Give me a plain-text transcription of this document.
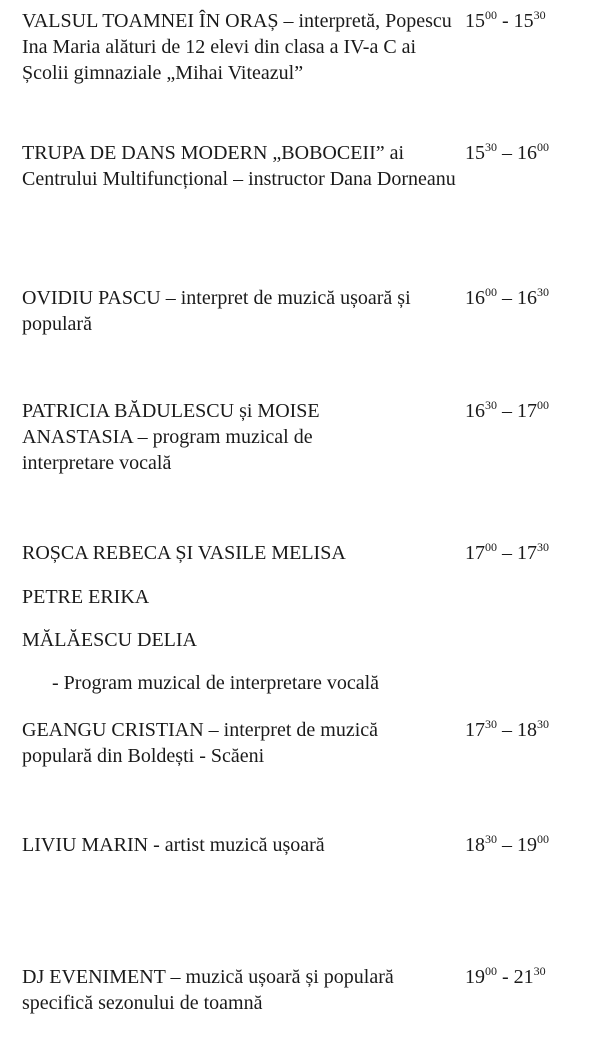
VALSUL TOAMNEI ÎN ORAȘ – interpretă, Popescu Ina Maria alături de 12 elevi din clasa a IV-a C ai Școlii gimnaziale „Mihai Viteazul”

$15^{00} - 15^{30}$

TRUPA DE DANS MODERN „BOBOCEII” ai Centrului Multifuncțional – instructor Dana Dorneanu

$15^{30} - 16^{00}$

OVIDIU PASCU – interpret de muzică ușoară și populară

$16^{00} - 16^{30}$

PATRICIA BĂDULESCU și MOISE ANASTASIA – program muzical de interpretare vocală

$16^{30} - 17^{00}$

ROȘCA REBECA ȘI VASILE MELISA	$17^{00} - 17^{30}$
PETRE ERIKA
MĂLĂESCU DELIA
- Program muzical de interpretare vocală

GEANGU CRISTIAN – interpret de muzică populară din Boldești - Scăeni

$17^{30} - 18^{30}$

LIVIU MARIN - artist muzică ușoară	$18^{30} - 19^{00}$

DJ EVENIMENT – muzică ușoară și populară specifică sezonului de toamnă

$19^{00} - 21^{30}$
